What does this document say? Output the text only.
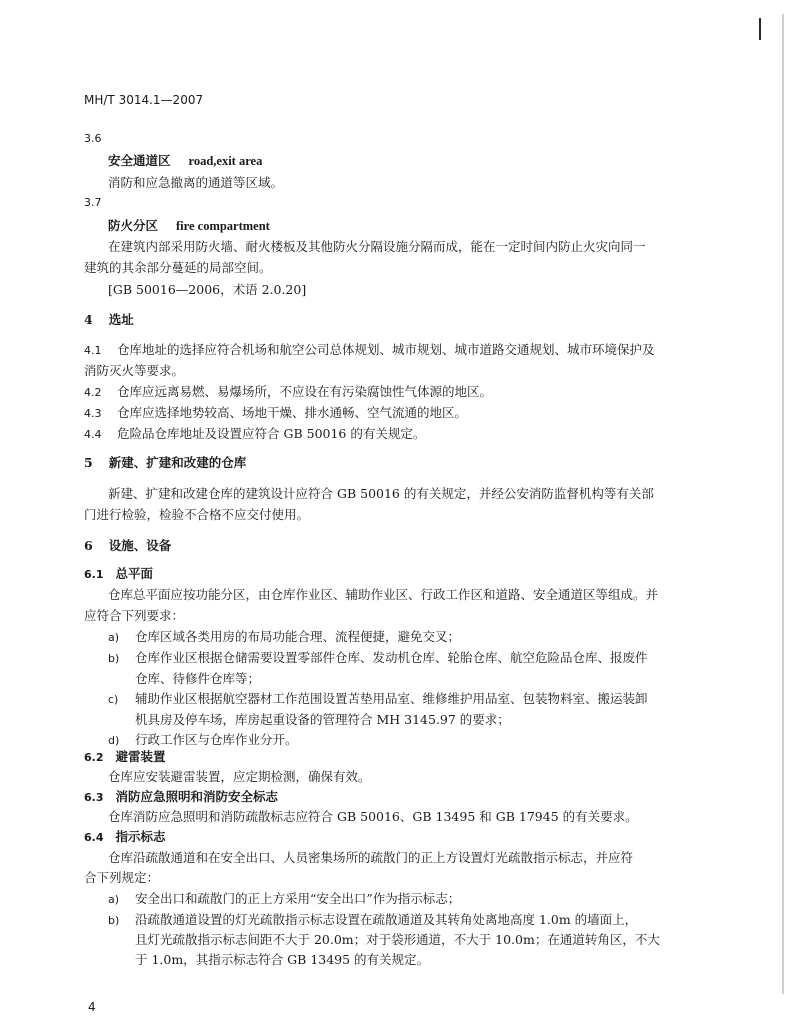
MH/T 3014.1—2007
3.6
安全通道区 road,exit area
消防和应急撤离的通道等区域。
3.7
防火分区 fire compartment
在建筑内部采用防火墙、耐火楼板及其他防火分隔设施分隔而成，能在一定时间内防止火灾向同一
建筑的其余部分蔓延的局部空间。
[GB 50016—2006，术语 2.0.20]
4 选址
4.1 仓库地址的选择应符合机场和航空公司总体规划、城市规划、城市道路交通规划、城市环境保护及
消防灭火等要求。
4.2 仓库应远离易燃、易爆场所，不应设在有污染腐蚀性气体源的地区。
4.3 仓库应选择地势较高、场地干燥、排水通畅、空气流通的地区。
4.4 危险品仓库地址及设置应符合 GB 50016 的有关规定。
5 新建、扩建和改建的仓库
新建、扩建和改建仓库的建筑设计应符合 GB 50016 的有关规定，并经公安消防监督机构等有关部
门进行检验，检验不合格不应交付使用。
6 设施、设备
6.1 总平面
仓库总平面应按功能分区，由仓库作业区、辅助作业区、行政工作区和道路、安全通道区等组成。并
应符合下列要求：
a) 仓库区域各类用房的布局功能合理、流程便捷，避免交叉；
b) 仓库作业区根据仓储需要设置零部件仓库、发动机仓库、轮胎仓库、航空危险品仓库、报废件
仓库、待修件仓库等；
c) 辅助作业区根据航空器材工作范围设置苫垫用品室、维修维护用品室、包装物料室、搬运装卸
机具房及停车场，库房起重设备的管理符合 MH 3145.97 的要求；
d) 行政工作区与仓库作业分开。
6.2 避雷装置
仓库应安装避雷装置，应定期检测，确保有效。
6.3 消防应急照明和消防安全标志
仓库消防应急照明和消防疏散标志应符合 GB 50016、GB 13495 和 GB 17945 的有关要求。
6.4 指示标志
仓库沿疏散通道和在安全出口、人员密集场所的疏散门的正上方设置灯光疏散指示标志，并应符
合下列规定：
a) 安全出口和疏散门的正上方采用“安全出口”作为指示标志；
b) 沿疏散通道设置的灯光疏散指示标志设置在疏散通道及其转角处离地高度 1.0m 的墙面上，
且灯光疏散指示标志间距不大于 20.0m；对于袋形通道，不大于 10.0m；在通道转角区，不大
于 1.0m，其指示标志符合 GB 13495 的有关规定。
4
